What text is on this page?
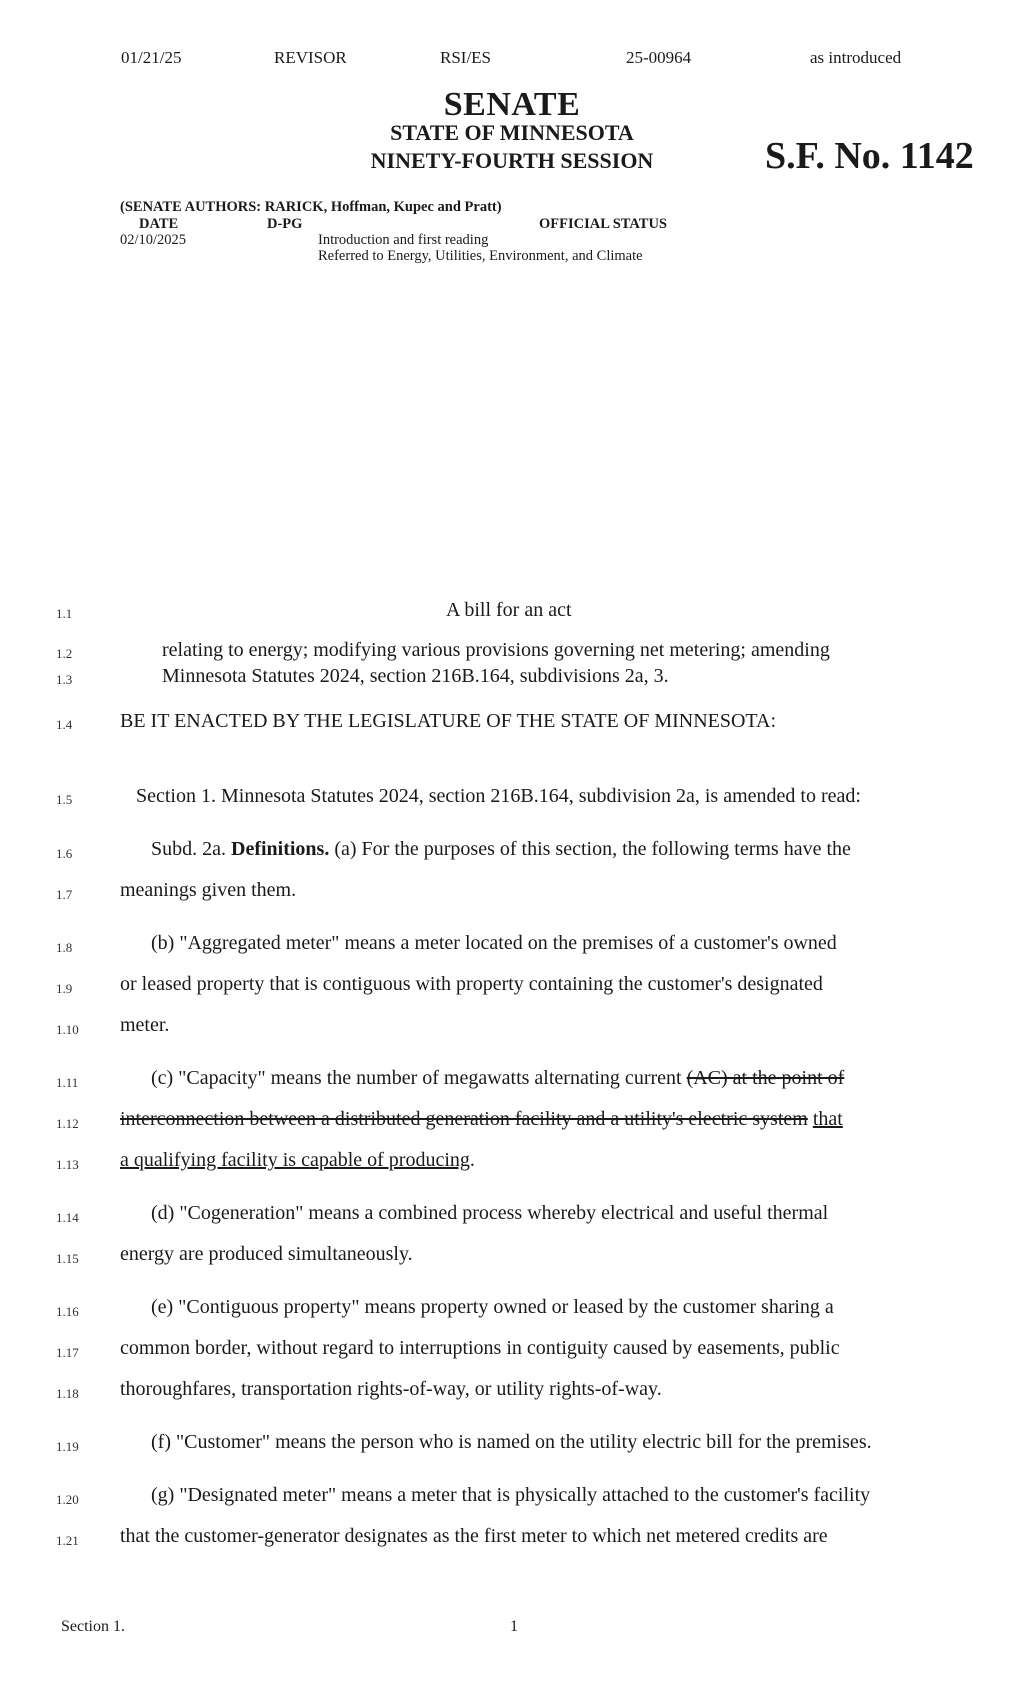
01/21/25	REVISOR	RSI/ES	25-00964	as introduced
SENATE
STATE OF MINNESOTA
NINETY-FOURTH SESSION	S.F. No. 1142
(SENATE AUTHORS: RARICK, Hoffman, Kupec and Pratt)
DATE	D-PG	OFFICIAL STATUS
02/10/2025	Introduction and first reading
Referred to Energy, Utilities, Environment, and Climate
1.1	A bill for an act
1.2	relating to energy; modifying various provisions governing net metering; amending
1.3	Minnesota Statutes 2024, section 216B.164, subdivisions 2a, 3.
1.4 BE IT ENACTED BY THE LEGISLATURE OF THE STATE OF MINNESOTA:
1.5	Section 1. Minnesota Statutes 2024, section 216B.164, subdivision 2a, is amended to read:
1.6	Subd. 2a. Definitions. (a) For the purposes of this section, the following terms have the
1.7 meanings given them.
1.8	(b) "Aggregated meter" means a meter located on the premises of a customer's owned
1.9 or leased property that is contiguous with property containing the customer's designated
1.10 meter.
1.11	(c) "Capacity" means the number of megawatts alternating current (AC) at the point of
1.12 interconnection between a distributed generation facility and a utility's electric system that
1.13 a qualifying facility is capable of producing.
1.14	(d) "Cogeneration" means a combined process whereby electrical and useful thermal
1.15 energy are produced simultaneously.
1.16	(e) "Contiguous property" means property owned or leased by the customer sharing a
1.17 common border, without regard to interruptions in contiguity caused by easements, public
1.18 thoroughfares, transportation rights-of-way, or utility rights-of-way.
1.19	(f) "Customer" means the person who is named on the utility electric bill for the premises.
1.20	(g) "Designated meter" means a meter that is physically attached to the customer's facility
1.21 that the customer-generator designates as the first meter to which net metered credits are
Section 1.	1
